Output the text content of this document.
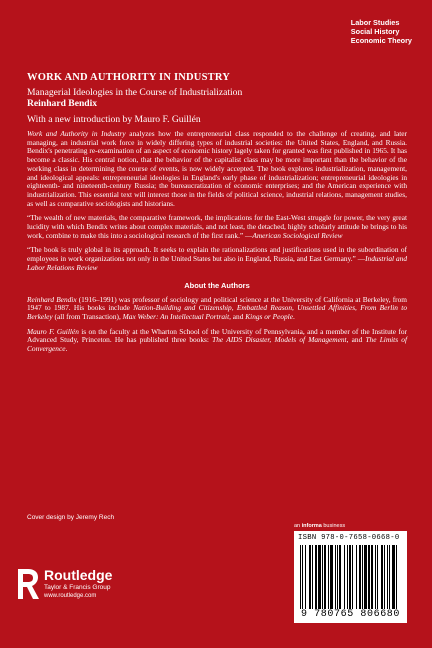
Labor Studies
Social History
Economic Theory
WORK AND AUTHORITY IN INDUSTRY
Managerial Ideologies in the Course of Industrialization
Reinhard Bendix
With a new introduction by Mauro F. Guillén

Work and Authority in Industry analyzes how the entrepreneurial class responded to the challenge of creating, and later managing, an industrial work force in widely differing types of industrial societies: the United States, England, and Russia. Bendix's penetrating re-examination of an aspect of economic history lagely taken for granted was first published in 1965. It has become a classic. His central notion, that the behavior of the capitalist class may be more important than the behavior of the working class in determining the course of events, is now widely accepted. The book explores industrialization, management, and ideological appeals: entrepreneurial ideologies in England's early phase of industrialization; entrepreneurial ideologies in eighteenth- and nineteenth-century Russia; the bureaucratization of economic enterprises; and the American experience with industrialization. This essential text will interest those in the fields of political science, industrial relations, management studies, as well as comparative sociologists and historians.

“The wealth of new materials, the comparative framework, the implications for the East-West struggle for power, the very great lucidity with which Bendix writes about complex materials, and not least, the detached, highly scholarly attitude he brings to his work, combine to make this into a sociological research of the first rank.” —American Sociological Review

“The book is truly global in its approach. It seeks to explain the rationalizations and justifications used in the subordination of employees in work organizations not only in the United States but also in England, Russia, and East Germany.” —Industrial and Labor Relations Review

About the Authors

Reinhard Bendix (1916–1991) was professor of sociology and political science at the University of California at Berkeley, from 1947 to 1987. His books include Nation-Building and Citizenship, Embattled Reason, Unsettled Affinities, From Berlin to Berkeley (all from Transaction), Max Weber: An Intellectual Portrait, and Kings or People.

Mauro F. Guillén is on the faculty at the Wharton School of the University of Pennsylvania, and a member of the Institute for Advanced Study, Princeton. He has published three books: The AIDS Disaster, Models of Management, and The Limits of Convergence.

Cover design by Jeremy Rech
an informa business
ISBN 978-0-7658-0668-0
9 780765 806680
Routledge
Taylor & Francis Group
www.routledge.com
